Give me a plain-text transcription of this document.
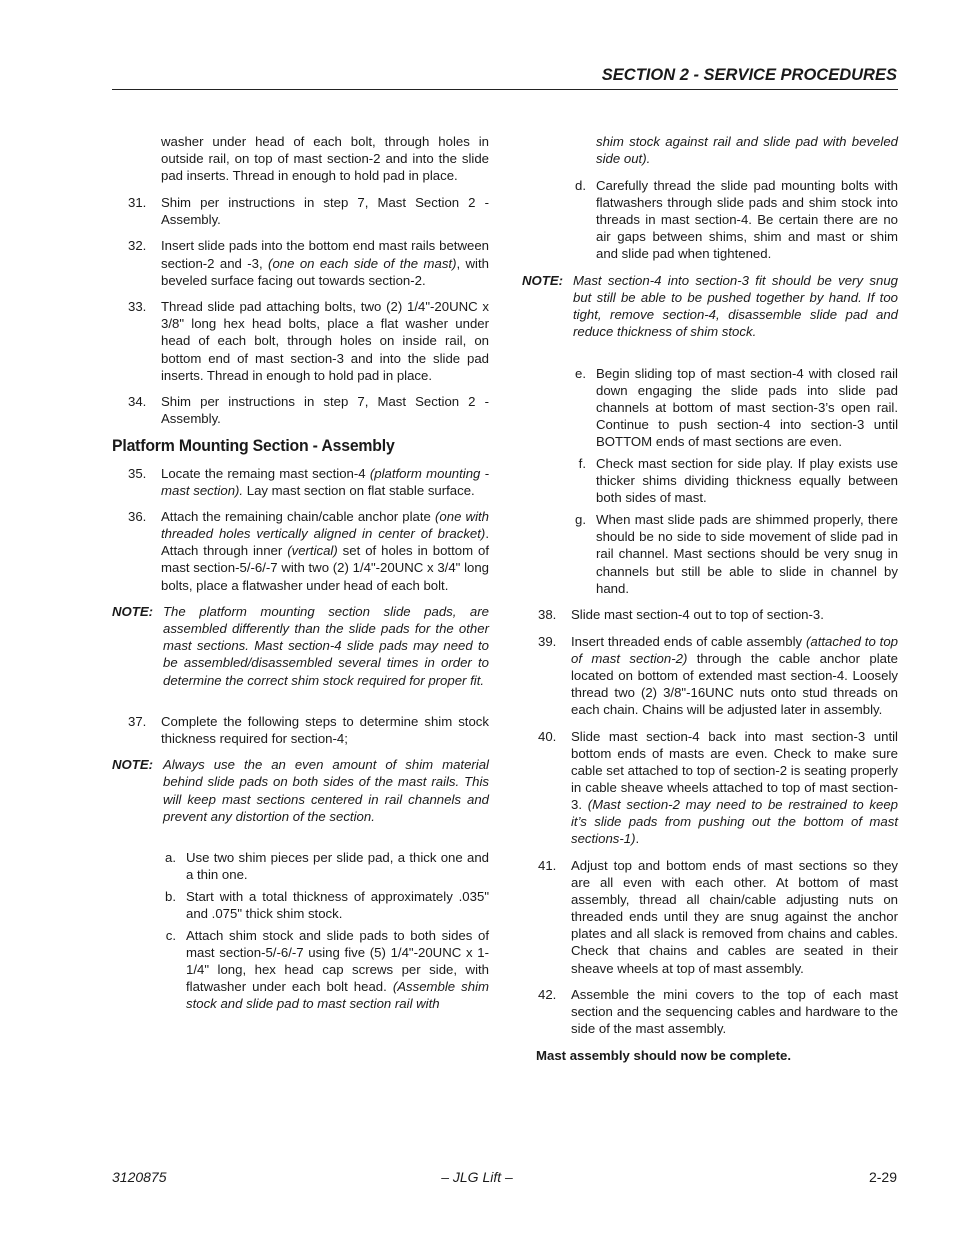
SECTION 2 - SERVICE PROCEDURES
washer under head of each bolt, through holes in outside rail, on top of mast section-2 and into the slide pad inserts. Thread in enough to hold pad in place.
31.	Shim per instructions in step 7, Mast Section 2 - Assembly.
32.	Insert slide pads into the bottom end mast rails between section-2 and -3, (one on each side of the mast), with beveled surface facing out towards section-2.
33.	Thread slide pad attaching bolts, two (2) 1/4"-20UNC x 3/8" long hex head bolts, place a flat washer under head of each bolt, through holes on inside rail, on bottom end of mast section-3 and into the slide pad inserts. Thread in enough to hold pad in place.
34.	Shim per instructions in step 7, Mast Section 2 - Assembly.
Platform Mounting Section - Assembly
35.	Locate the remaing mast section-4 (platform mounting - mast section). Lay mast section on flat stable surface.
36.	Attach the remaining chain/cable anchor plate (one with threaded holes vertically aligned in center of bracket). Attach through inner (vertical) set of holes in bottom of mast section-5/-6/-7 with two (2) 1/4"-20UNC x 3/4" long bolts, place a flatwasher under head of each bolt.
NOTE: The platform mounting section slide pads, are assembled differently than the slide pads for the other mast sections. Mast section-4 slide pads may need to be assembled/disassembled several times in order to determine the correct shim stock required for proper fit.
37.	Complete the following steps to determine shim stock thickness required for section-4;
NOTE: Always use the an even amount of shim material behind slide pads on both sides of the mast rails. This will keep mast sections centered in rail channels and prevent any distortion of the section.
a. Use two shim pieces per slide pad, a thick one and a thin one.
b. Start with a total thickness of approximately .035" and .075" thick shim stock.
c. Attach shim stock and slide pads to both sides of mast section-5/-6/-7 using five (5) 1/4"-20UNC x 1-1/4" long, hex head cap screws per side, with flatwasher under each bolt head. (Assemble shim stock and slide pad to mast section rail with
shim stock against rail and slide pad with beveled side out).
d. Carefully thread the slide pad mounting bolts with flatwashers through slide pads and shim stock into threads in mast section-4. Be certain there are no air gaps between shims, shim and mast or shim and slide pad when tightened.
NOTE: Mast section-4 into section-3 fit should be very snug but still be able to be pushed together by hand. If too tight, remove section-4, disassemble slide pad and reduce thickness of shim stock.
e. Begin sliding top of mast section-4 with closed rail down engaging the slide pads into slide pad channels at bottom of mast section-3’s open rail. Continue to push section-4 into section-3 until BOTTOM ends of mast sections are even.
f. Check mast section for side play. If play exists use thicker shims dividing thickness equally between both sides of mast.
g. When mast slide pads are shimmed properly, there should be no side to side movement of slide pad in rail channel. Mast sections should be very snug in channels but still be able to slide in channel by hand.
38.	Slide mast section-4 out to top of section-3.
39.	Insert threaded ends of cable assembly (attached to top of mast section-2) through the cable anchor plate located on bottom of extended mast section-4. Loosely thread two (2) 3/8"-16UNC nuts onto stud threads on each chain. Chains will be adjusted later in assembly.
40.	Slide mast section-4 back into mast section-3 until bottom ends of masts are even. Check to make sure cable set attached to top of section-2 is seating properly in cable sheave wheels attached to top of mast section-3. (Mast section-2 may need to be restrained to keep it’s slide pads from pushing out the bottom of mast sections-1).
41.	Adjust top and bottom ends of mast sections so they are all even with each other. At bottom of mast assembly, thread all chain/cable adjusting nuts on threaded ends until they are snug against the anchor plates and all slack is removed from chains and cables. Check that chains and cables are seated in their sheave wheels at top of mast assembly.
42.	Assemble the mini covers to the top of each mast section and the sequencing cables and hardware to the side of the mast assembly.
Mast assembly should now be complete.
3120875	– JLG Lift –	2-29
